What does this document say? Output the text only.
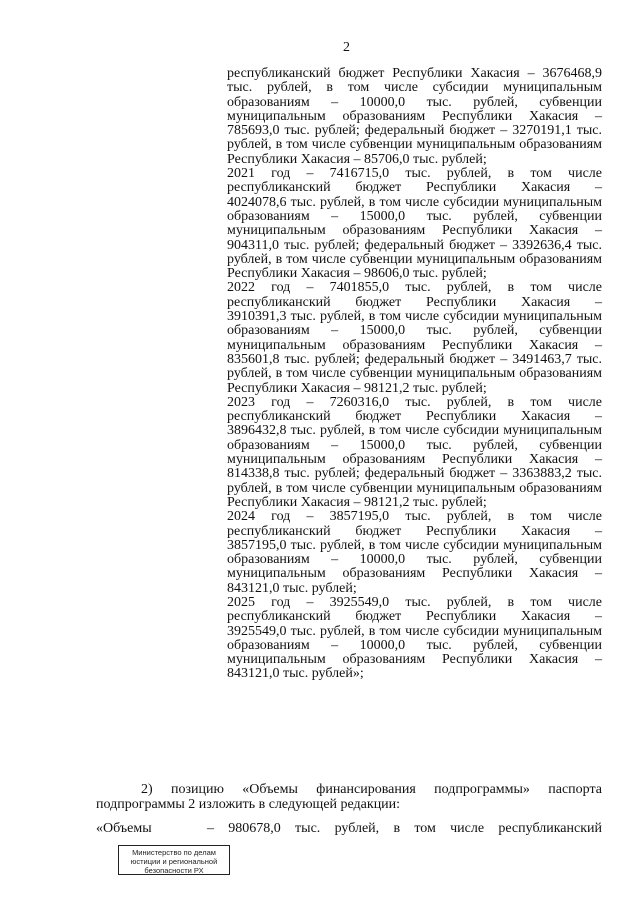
2
республиканский бюджет Республики Хакасия – 3676468,9
тыс. рублей, в том числе субсидии муниципальным
образованиям – 10000,0 тыс. рублей, субвенции
муниципальным образованиям Республики Хакасия –
785693,0 тыс. рублей; федеральный бюджет – 3270191,1 тыс.
рублей, в том числе субвенции муниципальным образованиям
Республики Хакасия – 85706,0 тыс. рублей;
2021 год – 7416715,0 тыс. рублей, в том числе
республиканский бюджет Республики Хакасия –
4024078,6 тыс. рублей, в том числе субсидии муниципальным
образованиям – 15000,0 тыс. рублей, субвенции
муниципальным образованиям Республики Хакасия –
904311,0 тыс. рублей; федеральный бюджет – 3392636,4 тыс.
рублей, в том числе субвенции муниципальным образованиям
Республики Хакасия – 98606,0 тыс. рублей;
2022 год – 7401855,0 тыс. рублей, в том числе
республиканский бюджет Республики Хакасия –
3910391,3 тыс. рублей, в том числе субсидии муниципальным
образованиям – 15000,0 тыс. рублей, субвенции
муниципальным образованиям Республики Хакасия –
835601,8 тыс. рублей; федеральный бюджет – 3491463,7 тыс.
рублей, в том числе субвенции муниципальным образованиям
Республики Хакасия – 98121,2 тыс. рублей;
2023 год – 7260316,0 тыс. рублей, в том числе
республиканский бюджет Республики Хакасия –
3896432,8 тыс. рублей, в том числе субсидии муниципальным
образованиям – 15000,0 тыс. рублей, субвенции
муниципальным образованиям Республики Хакасия –
814338,8 тыс. рублей; федеральный бюджет – 3363883,2 тыс.
рублей, в том числе субвенции муниципальным образованиям
Республики Хакасия – 98121,2 тыс. рублей;
2024 год – 3857195,0 тыс. рублей, в том числе
республиканский бюджет Республики Хакасия –
3857195,0 тыс. рублей, в том числе субсидии муниципальным
образованиям – 10000,0 тыс. рублей, субвенции
муниципальным образованиям Республики Хакасия –
843121,0 тыс. рублей;
2025 год – 3925549,0 тыс. рублей, в том числе
республиканский бюджет Республики Хакасия –
3925549,0 тыс. рублей, в том числе субсидии муниципальным
образованиям – 10000,0 тыс. рублей, субвенции
муниципальным образованиям Республики Хакасия –
843121,0 тыс. рублей»;
2) позицию «Объемы финансирования подпрограммы» паспорта
подпрограммы 2 изложить в следующей редакции:
«Объемы	– 980678,0 тыс. рублей, в том числе республиканский
Министерство по делам
юстиции и региональной
безопасности РХ
